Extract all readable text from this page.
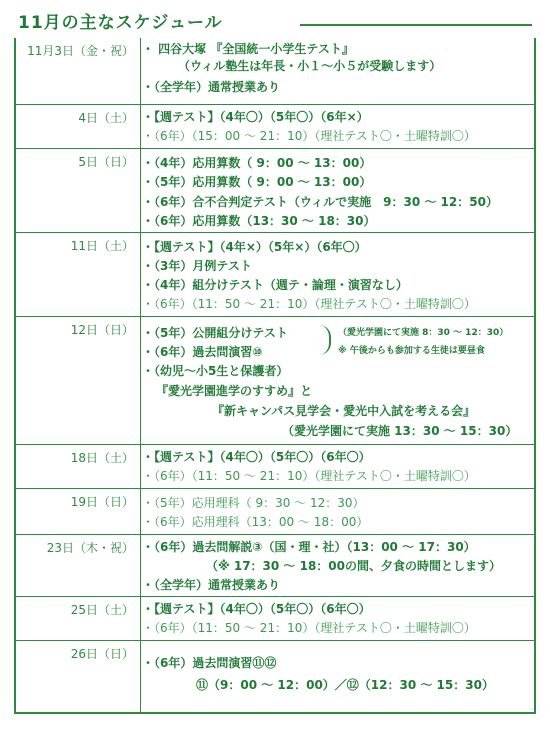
11月の主なスケジュール
11月3日（金・祝） ・ 四谷大塚 『全国統一小学生テスト』
（ウィル塾生は年長・小１～小５が受験します）
・（全学年）通常授業あり
4日（土） ・【週テスト】（4年〇）（5年〇）（6年×）
・（6年）（15：00 ～ 21：10）（理社テスト〇・土曜特訓〇）
5日（日） ・（4年）応用算数（ 9：00 ～ 13：00）
・（5年）応用算数（ 9：00 ～ 13：00）
・（6年）合不合判定テスト（ウィルで実施　9：30 ～ 12：50）
・（6年）応用算数（13：30 ～ 18：30）
11日（土） ・【週テスト】（4年×）（5年×）（6年〇）
・（3年）月例テスト
・（4年）組分けテスト（週テ・論理・演習なし）
・（6年）（11：50 ～ 21：10）（理社テスト〇・土曜特訓〇）
12日（日） ・（5年）公開組分けテスト
・（6年）過去問演習⑩
（愛光学園にて実施 8：30 ～ 12：30）
※ 午後からも参加する生徒は要昼食
・（幼児～小5生と保護者）
『愛光学園進学のすすめ』と
『新キャンパス見学会・愛光中入試を考える会』
（愛光学園にて実施 13：30 ～ 15：30）
18日（土） ・【週テスト】（4年〇）（5年〇）（6年〇）
・（6年）（11：50 ～ 21：10）（理社テスト〇・土曜特訓〇）
19日（日） ・（5年）応用理科（ 9：30 ～ 12：30）
・（6年）応用理科（13：00 ～ 18：00）
23日（木・祝） ・（6年）過去問解説③（国・理・社）（13：00 ～ 17：30）
（※ 17：30 ～ 18：00の間、夕食の時間とします）
・（全学年）通常授業あり
25日（土） ・【週テスト】（4年〇）（5年〇）（6年〇）
・（6年）（11：50 ～ 21：10）（理社テスト〇・土曜特訓〇）
26日（日）
・（6年）過去問演習⑪⑫
⑪（9：00 ～ 12：00）／⑫（12：30 ～ 15：30）
